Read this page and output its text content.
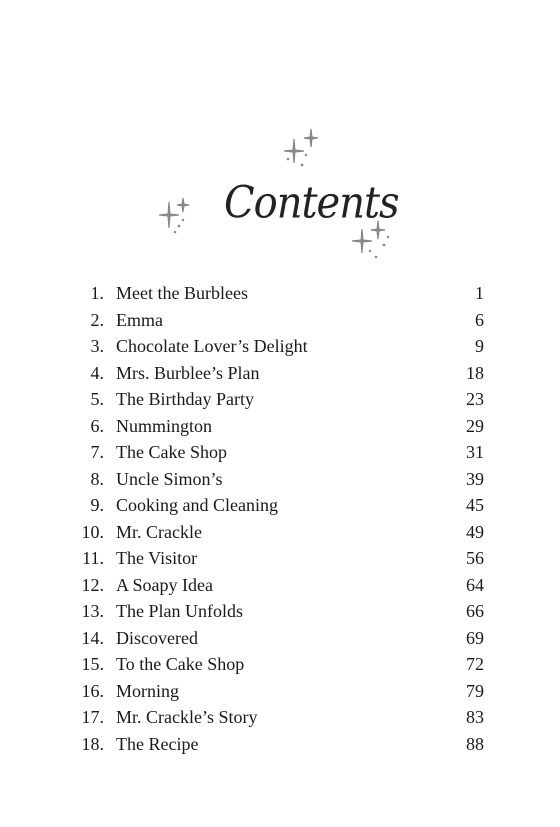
Contents
1. Meet the Burblees	1
2. Emma	6
3. Chocolate Lover’s Delight	9
4. Mrs. Burblee’s Plan	18
5. The Birthday Party	23
6. Nummington	29
7. The Cake Shop	31
8. Uncle Simon’s	39
9. Cooking and Cleaning	45
10. Mr. Crackle	49
11. The Visitor	56
12. A Soapy Idea	64
13. The Plan Unfolds	66
14. Discovered	69
15. To the Cake Shop	72
16. Morning	79
17. Mr. Crackle’s Story	83
18. The Recipe	88
